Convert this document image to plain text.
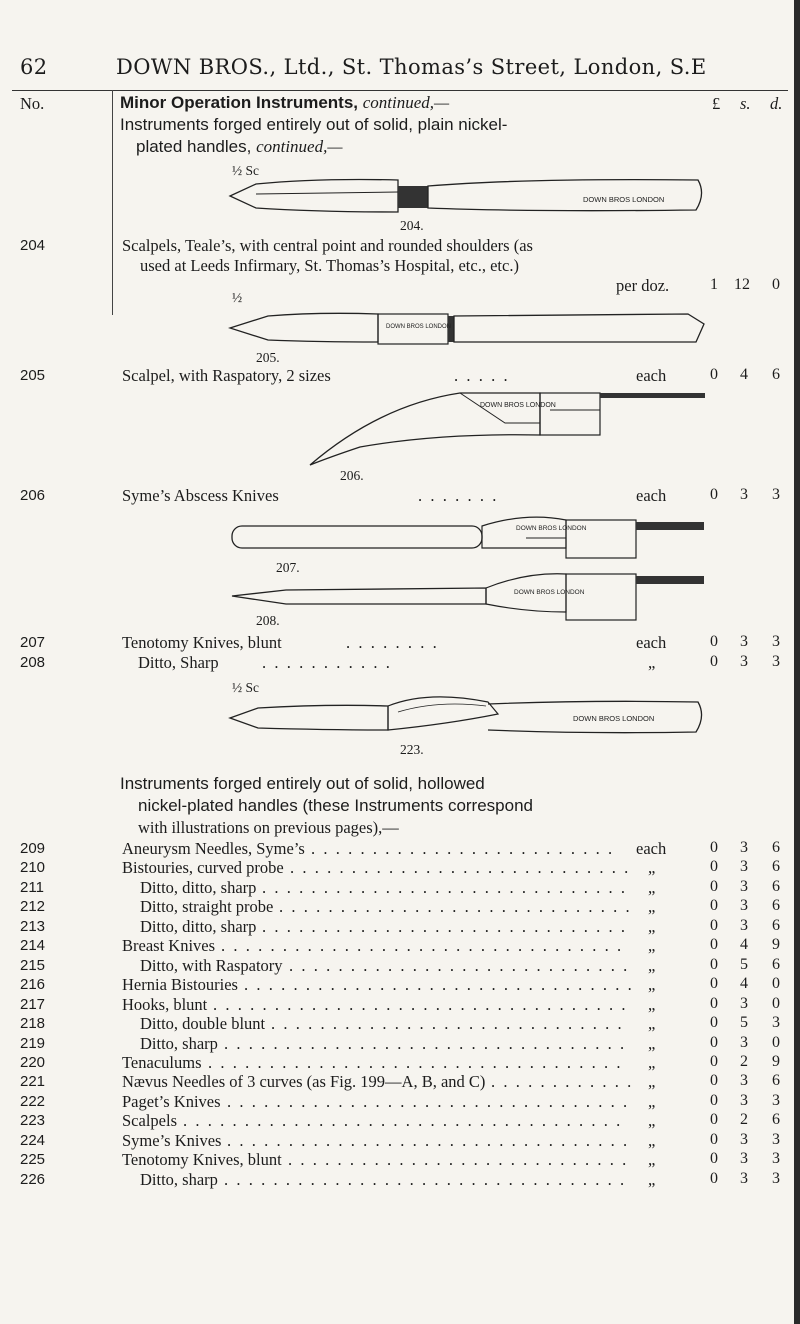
62	DOWN BROS., Ltd., St. Thomas’s Street, London, S.E
No.	£ s. d.
Minor Operation Instruments, continued,—
Instruments forged entirely out of solid, plain nickel-
plated handles, continued,—
½ Sc
DOWN BROS LONDON
204.
204	Scalpels, Teale’s, with central point and rounded shoulders (as
used at Leeds Infirmary, St. Thomas’s Hospital, etc., etc.)
per doz.	1	12	0
½
DOWN BROS LONDON
205.
205	Scalpel, with Raspatory, 2 sizes	.  .  .  .  .	each	0	4	6
DOWN BROS LONDON
206.
206	Syme’s Abscess Knives	.  .  .  .  .  .  .	each	0	3	3
DOWN BROS LONDON
DOWN BROS LONDON
207.
208.
207	Tenotomy Knives, blunt	.  .  .  .  .  .  .  .	each	0	3	3
208	Ditto, Sharp	.  .  .  .  .  .  .  .  .  .  .	„	0	3	3
½ Sc
DOWN BROS LONDON
223.
Instruments forged entirely out of solid, hollowed
nickel-plated handles (these Instruments correspond
with illustrations on previous pages),—
209	Aneurysm Needles, Syme’s .  .  .  .  .  .  .  .  .  .  .  .  .  .  .  .  .  .  .  .  .  .  .  .  . each	0	3	6
210	Bistouries, curved probe .  .  .  .  .  .  .  .  .  .  .  .  .  .  .  .  .  .  .  .  .  .  .  .  .  .  .  . „	0	3	6
211	Ditto, ditto, sharp .  .  .  .  .  .  .  .  .  .  .  .  .  .  .  .  .  .  .  .  .  .  .  .  .  .  .  .  .  . „	0	3	6
212	Ditto, straight probe .  .  .  .  .  .  .  .  .  .  .  .  .  .  .  .  .  .  .  .  .  .  .  .  .  .  .  .  . „	0	3	6
213	Ditto, ditto, sharp .  .  .  .  .  .  .  .  .  .  .  .  .  .  .  .  .  .  .  .  .  .  .  .  .  .  .  .  .  . „	0	3	6
214	Breast Knives .  .  .  .  .  .  .  .  .  .  .  .  .  .  .  .  .  .  .  .  .  .  .  .  .  .  .  .  .  .  .  .  . „	0	4	9
215	Ditto, with Raspatory .  .  .  .  .  .  .  .  .  .  .  .  .  .  .  .  .  .  .  .  .  .  .  .  .  .  .  . „	0	5	6
216	Hernia Bistouries .  .  .  .  .  .  .  .  .  .  .  .  .  .  .  .  .  .  .  .  .  .  .  .  .  .  .  .  .  .  .  . „	0	4	0
217	Hooks, blunt .  .  .  .  .  .  .  .  .  .  .  .  .  .  .  .  .  .  .  .  .  .  .  .  .  .  .  .  .  .  .  .  .  . „	0	3	0
218	Ditto, double blunt .  .  .  .  .  .  .  .  .  .  .  .  .  .  .  .  .  .  .  .  .  .  .  .  .  .  .  .  . „	0	5	3
219	Ditto, sharp .  .  .  .  .  .  .  .  .  .  .  .  .  .  .  .  .  .  .  .  .  .  .  .  .  .  .  .  .  .  .  .  . „	0	3	0
220	Tenaculums .  .  .  .  .  .  .  .  .  .  .  .  .  .  .  .  .  .  .  .  .  .  .  .  .  .  .  .  .  .  .  .  .  . „	0	2	9
221	Nævus Needles of 3 curves (as Fig. 199—A, B, and C) .  .  .  .  .  .  .  .  .  .  .  . „	0	3	6
222	Paget’s Knives .  .  .  .  .  .  .  .  .  .  .  .  .  .  .  .  .  .  .  .  .  .  .  .  .  .  .  .  .  .  .  .  . „	0	3	3
223	Scalpels .  .  .  .  .  .  .  .  .  .  .  .  .  .  .  .  .  .  .  .  .  .  .  .  .  .  .  .  .  .  .  .  .  .  .  . „	0	2	6
224	Syme’s Knives .  .  .  .  .  .  .  .  .  .  .  .  .  .  .  .  .  .  .  .  .  .  .  .  .  .  .  .  .  .  .  .  . „	0	3	3
225	Tenotomy Knives, blunt .  .  .  .  .  .  .  .  .  .  .  .  .  .  .  .  .  .  .  .  .  .  .  .  .  .  .  . „	0	3	3
226	Ditto, sharp .  .  .  .  .  .  .  .  .  .  .  .  .  .  .  .  .  .  .  .  .  .  .  .  .  .  .  .  .  .  .  .  . „	0	3	3
